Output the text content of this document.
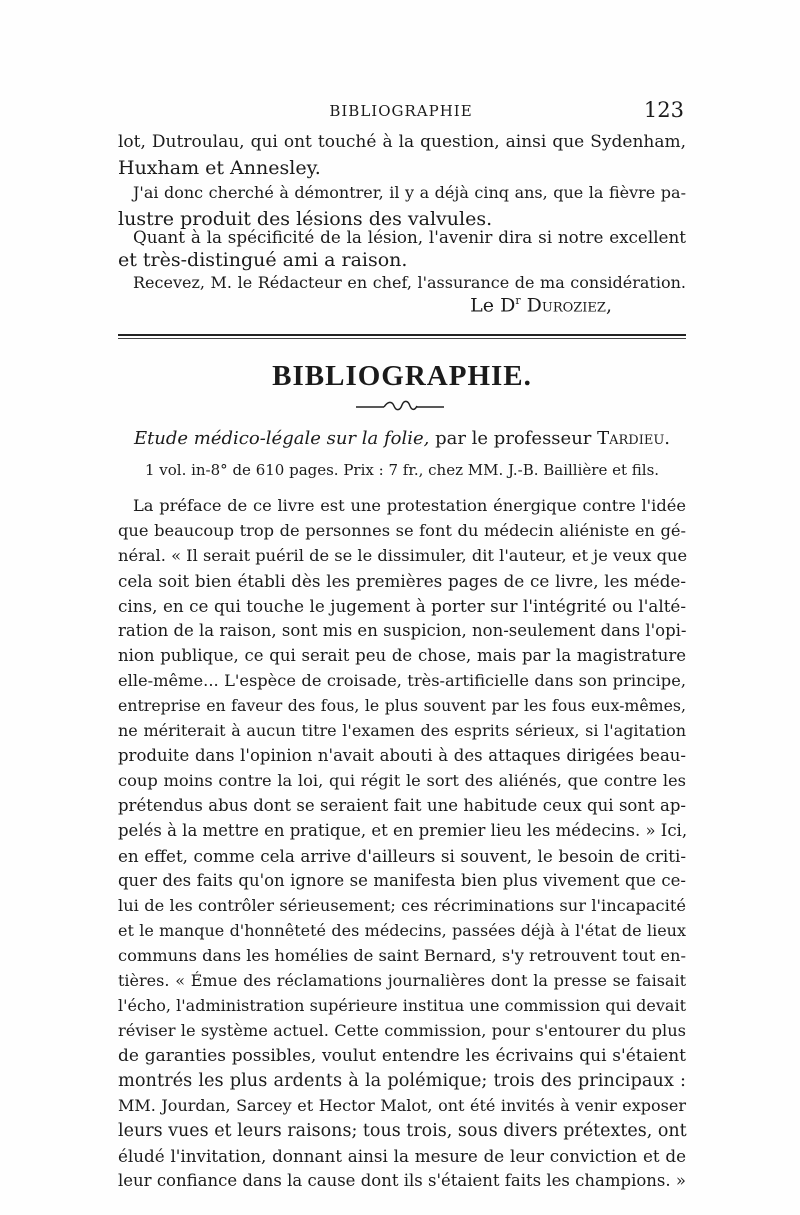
BIBLIOGRAPHIE	123
lot, Dutroulau, qui ont touché à la question, ainsi que Sydenham,
Huxham et Annesley.
J'ai donc cherché à démontrer, il y a déjà cinq ans, que la fièvre pa-
lustre produit des lésions des valvules.
Quant à la spécificité de la lésion, l'avenir dira si notre excellent
et très-distingué ami a raison.
Recevez, M. le Rédacteur en chef, l'assurance de ma considération.
Le $D^r$ Duroziez,
BIBLIOGRAPHIE.
Etude médico-légale sur la folie, par le professeur Tardieu.
1 vol. in-8° de 610 pages. Prix : 7 fr., chez MM. J.-B. Baillière et fils.
La préface de ce livre est une protestation énergique contre l'idée
que beaucoup trop de personnes se font du médecin aliéniste en gé-
néral. « Il serait puéril de se le dissimuler, dit l'auteur, et je veux que
cela soit bien établi dès les premières pages de ce livre, les méde-
cins, en ce qui touche le jugement à porter sur l'intégrité ou l'alté-
ration de la raison, sont mis en suspicion, non-seulement dans l'opi-
nion publique, ce qui serait peu de chose, mais par la magistrature
elle-même... L'espèce de croisade, très-artificielle dans son principe,
entreprise en faveur des fous, le plus souvent par les fous eux-mêmes,
ne mériterait à aucun titre l'examen des esprits sérieux, si l'agitation
produite dans l'opinion n'avait abouti à des attaques dirigées beau-
coup moins contre la loi, qui régit le sort des aliénés, que contre les
prétendus abus dont se seraient fait une habitude ceux qui sont ap-
pelés à la mettre en pratique, et en premier lieu les médecins. » Ici,
en effet, comme cela arrive d'ailleurs si souvent, le besoin de criti-
quer des faits qu'on ignore se manifesta bien plus vivement que ce-
lui de les contrôler sérieusement; ces récriminations sur l'incapacité
et le manque d'honnêteté des médecins, passées déjà à l'état de lieux
communs dans les homélies de saint Bernard, s'y retrouvent tout en-
tières. « Émue des réclamations journalières dont la presse se faisait
l'écho, l'administration supérieure institua une commission qui devait
réviser le système actuel. Cette commission, pour s'entourer du plus
de garanties possibles, voulut entendre les écrivains qui s'étaient
montrés les plus ardents à la polémique; trois des principaux :
MM. Jourdan, Sarcey et Hector Malot, ont été invités à venir exposer
leurs vues et leurs raisons; tous trois, sous divers prétextes, ont
éludé l'invitation, donnant ainsi la mesure de leur conviction et de
leur confiance dans la cause dont ils s'étaient faits les champions. »
